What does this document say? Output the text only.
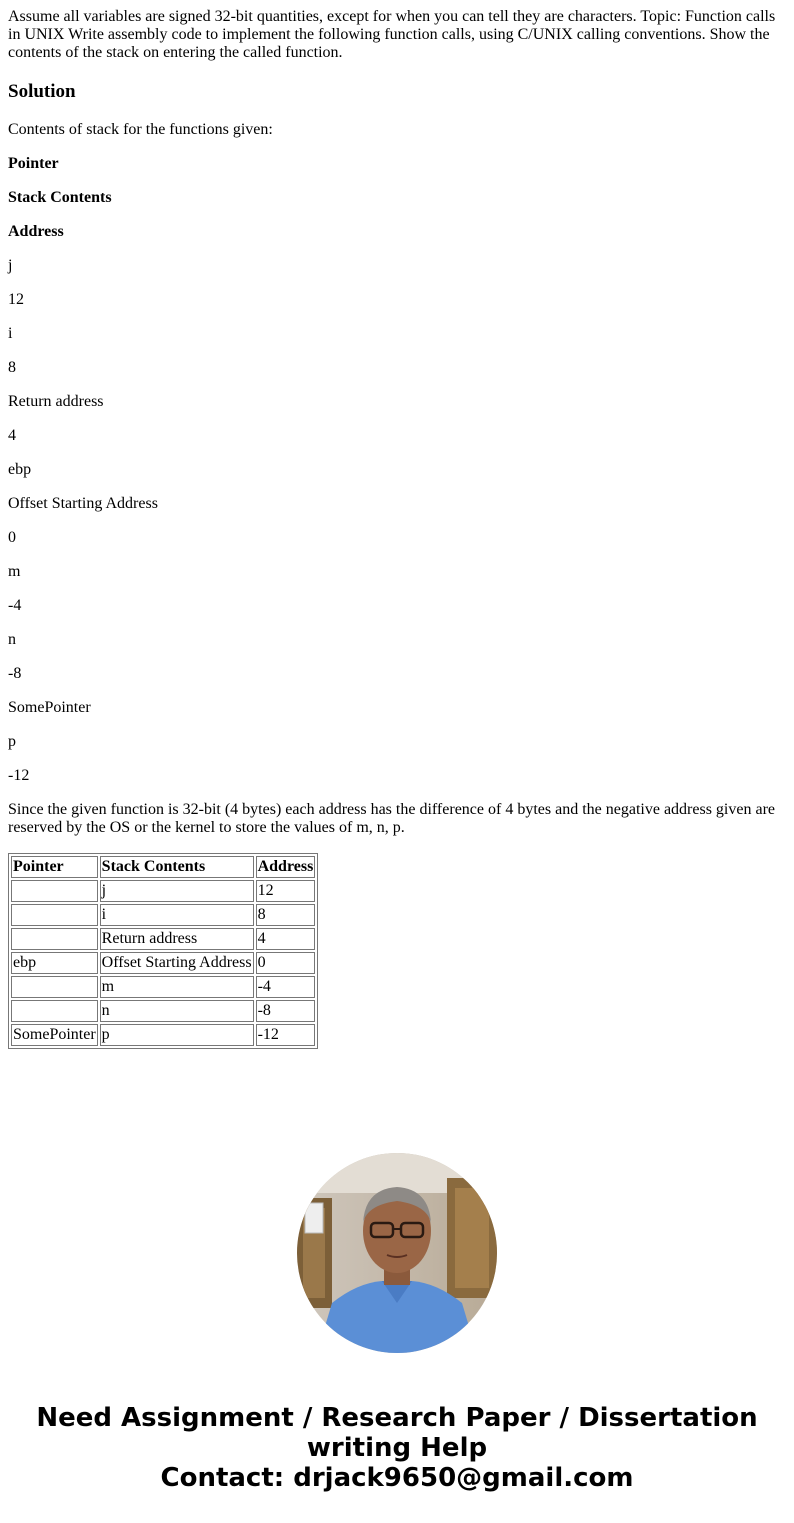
Assume all variables are signed 32-bit quantities, except for when you can tell they are characters. Topic: Function calls in UNIX Write assembly code to implement the following function calls, using C/UNIX calling conventions. Show the contents of the stack on entering the called function.

Solution

Contents of stack for the functions given:

Pointer

Stack Contents

Address

j

12

i

8

Return address

4

ebp

Offset Starting Address

0

m

-4

n

-8

SomePointer

p

-12

Since the given function is 32-bit (4 bytes) each address has the difference of 4 bytes and the negative address given are reserved by the OS or the kernel to store the values of m, n, p.

Pointer	Stack Contents	Address
	j	12
	i	8
	Return address	4
ebp	Offset Starting Address	0
	m	-4
	n	-8
SomePointer	p	-12
Need Assignment / Research Paper / Dissertation
writing Help
Contact: drjack9650@gmail.com
